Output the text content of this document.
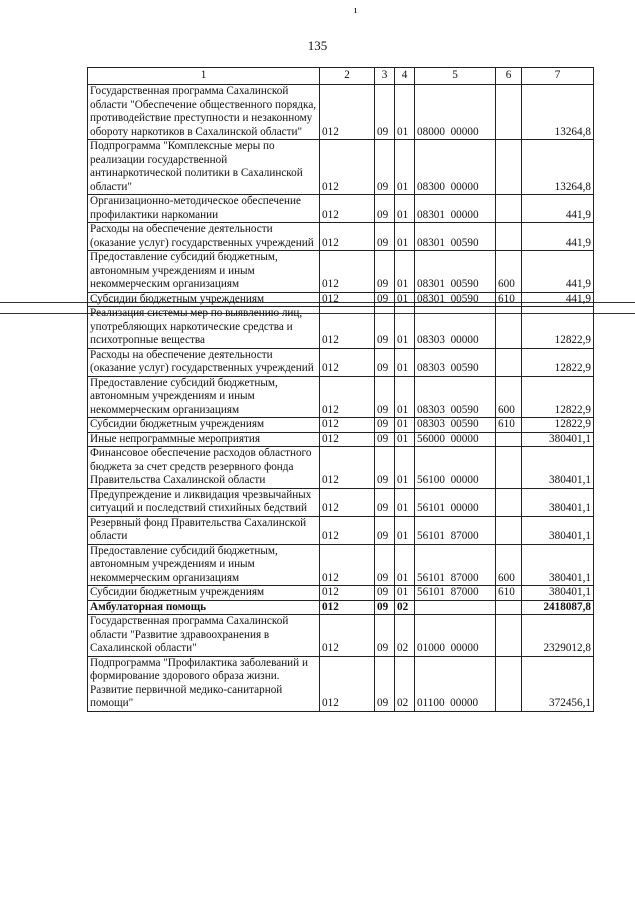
ı
135
1	2	3	4	5	6	7
Государственная программа Сахалинской области "Обеспечение общественного порядка, противодействие преступности и незаконному обороту наркотиков в Сахалинской области"	012	09	01	08000  00000		13264,8
Подпрограмма "Комплексные меры по реализации государственной антинаркотической политики в Сахалинской области"	012	09	01	08300  00000		13264,8
Организационно-методическое обеспечение профилактики наркомании	012	09	01	08301  00000		441,9
Расходы на обеспечение деятельности (оказание услуг) государственных учреждений	012	09	01	08301  00590		441,9
Предоставление субсидий бюджетным, автономным учреждениям и иным некоммерческим организациям	012	09	01	08301  00590	600	441,9
Субсидии бюджетным учреждениям	012	09	01	08301  00590	610	441,9
Реализация системы мер по выявлению лиц, употребляющих наркотические средства и психотропные вещества	012	09	01	08303  00000		12822,9
Расходы на обеспечение деятельности (оказание услуг) государственных учреждений	012	09	01	08303  00590		12822,9
Предоставление субсидий бюджетным, автономным учреждениям и иным некоммерческим организациям	012	09	01	08303  00590	600	12822,9
Субсидии бюджетным учреждениям	012	09	01	08303  00590	610	12822,9
Иные непрограммные мероприятия	012	09	01	56000  00000		380401,1
Финансовое обеспечение расходов областного бюджета за счет средств резервного фонда Правительства Сахалинской области	012	09	01	56100  00000		380401,1
Предупреждение и ликвидация чрезвычайных ситуаций и последствий стихийных бедствий	012	09	01	56101  00000		380401,1
Резервный фонд Правительства Сахалинской области	012	09	01	56101  87000		380401,1
Предоставление субсидий бюджетным, автономным учреждениям и иным некоммерческим организациям	012	09	01	56101  87000	600	380401,1
Субсидии бюджетным учреждениям	012	09	01	56101  87000	610	380401,1
Амбулаторная помощь	012	09	02			2418087,8
Государственная программа Сахалинской области "Развитие здравоохранения в Сахалинской области"	012	09	02	01000  00000		2329012,8
Подпрограмма "Профилактика заболеваний и формирование здорового образа жизни. Развитие первичной медико-санитарной помощи"	012	09	02	01100  00000		372456,1
